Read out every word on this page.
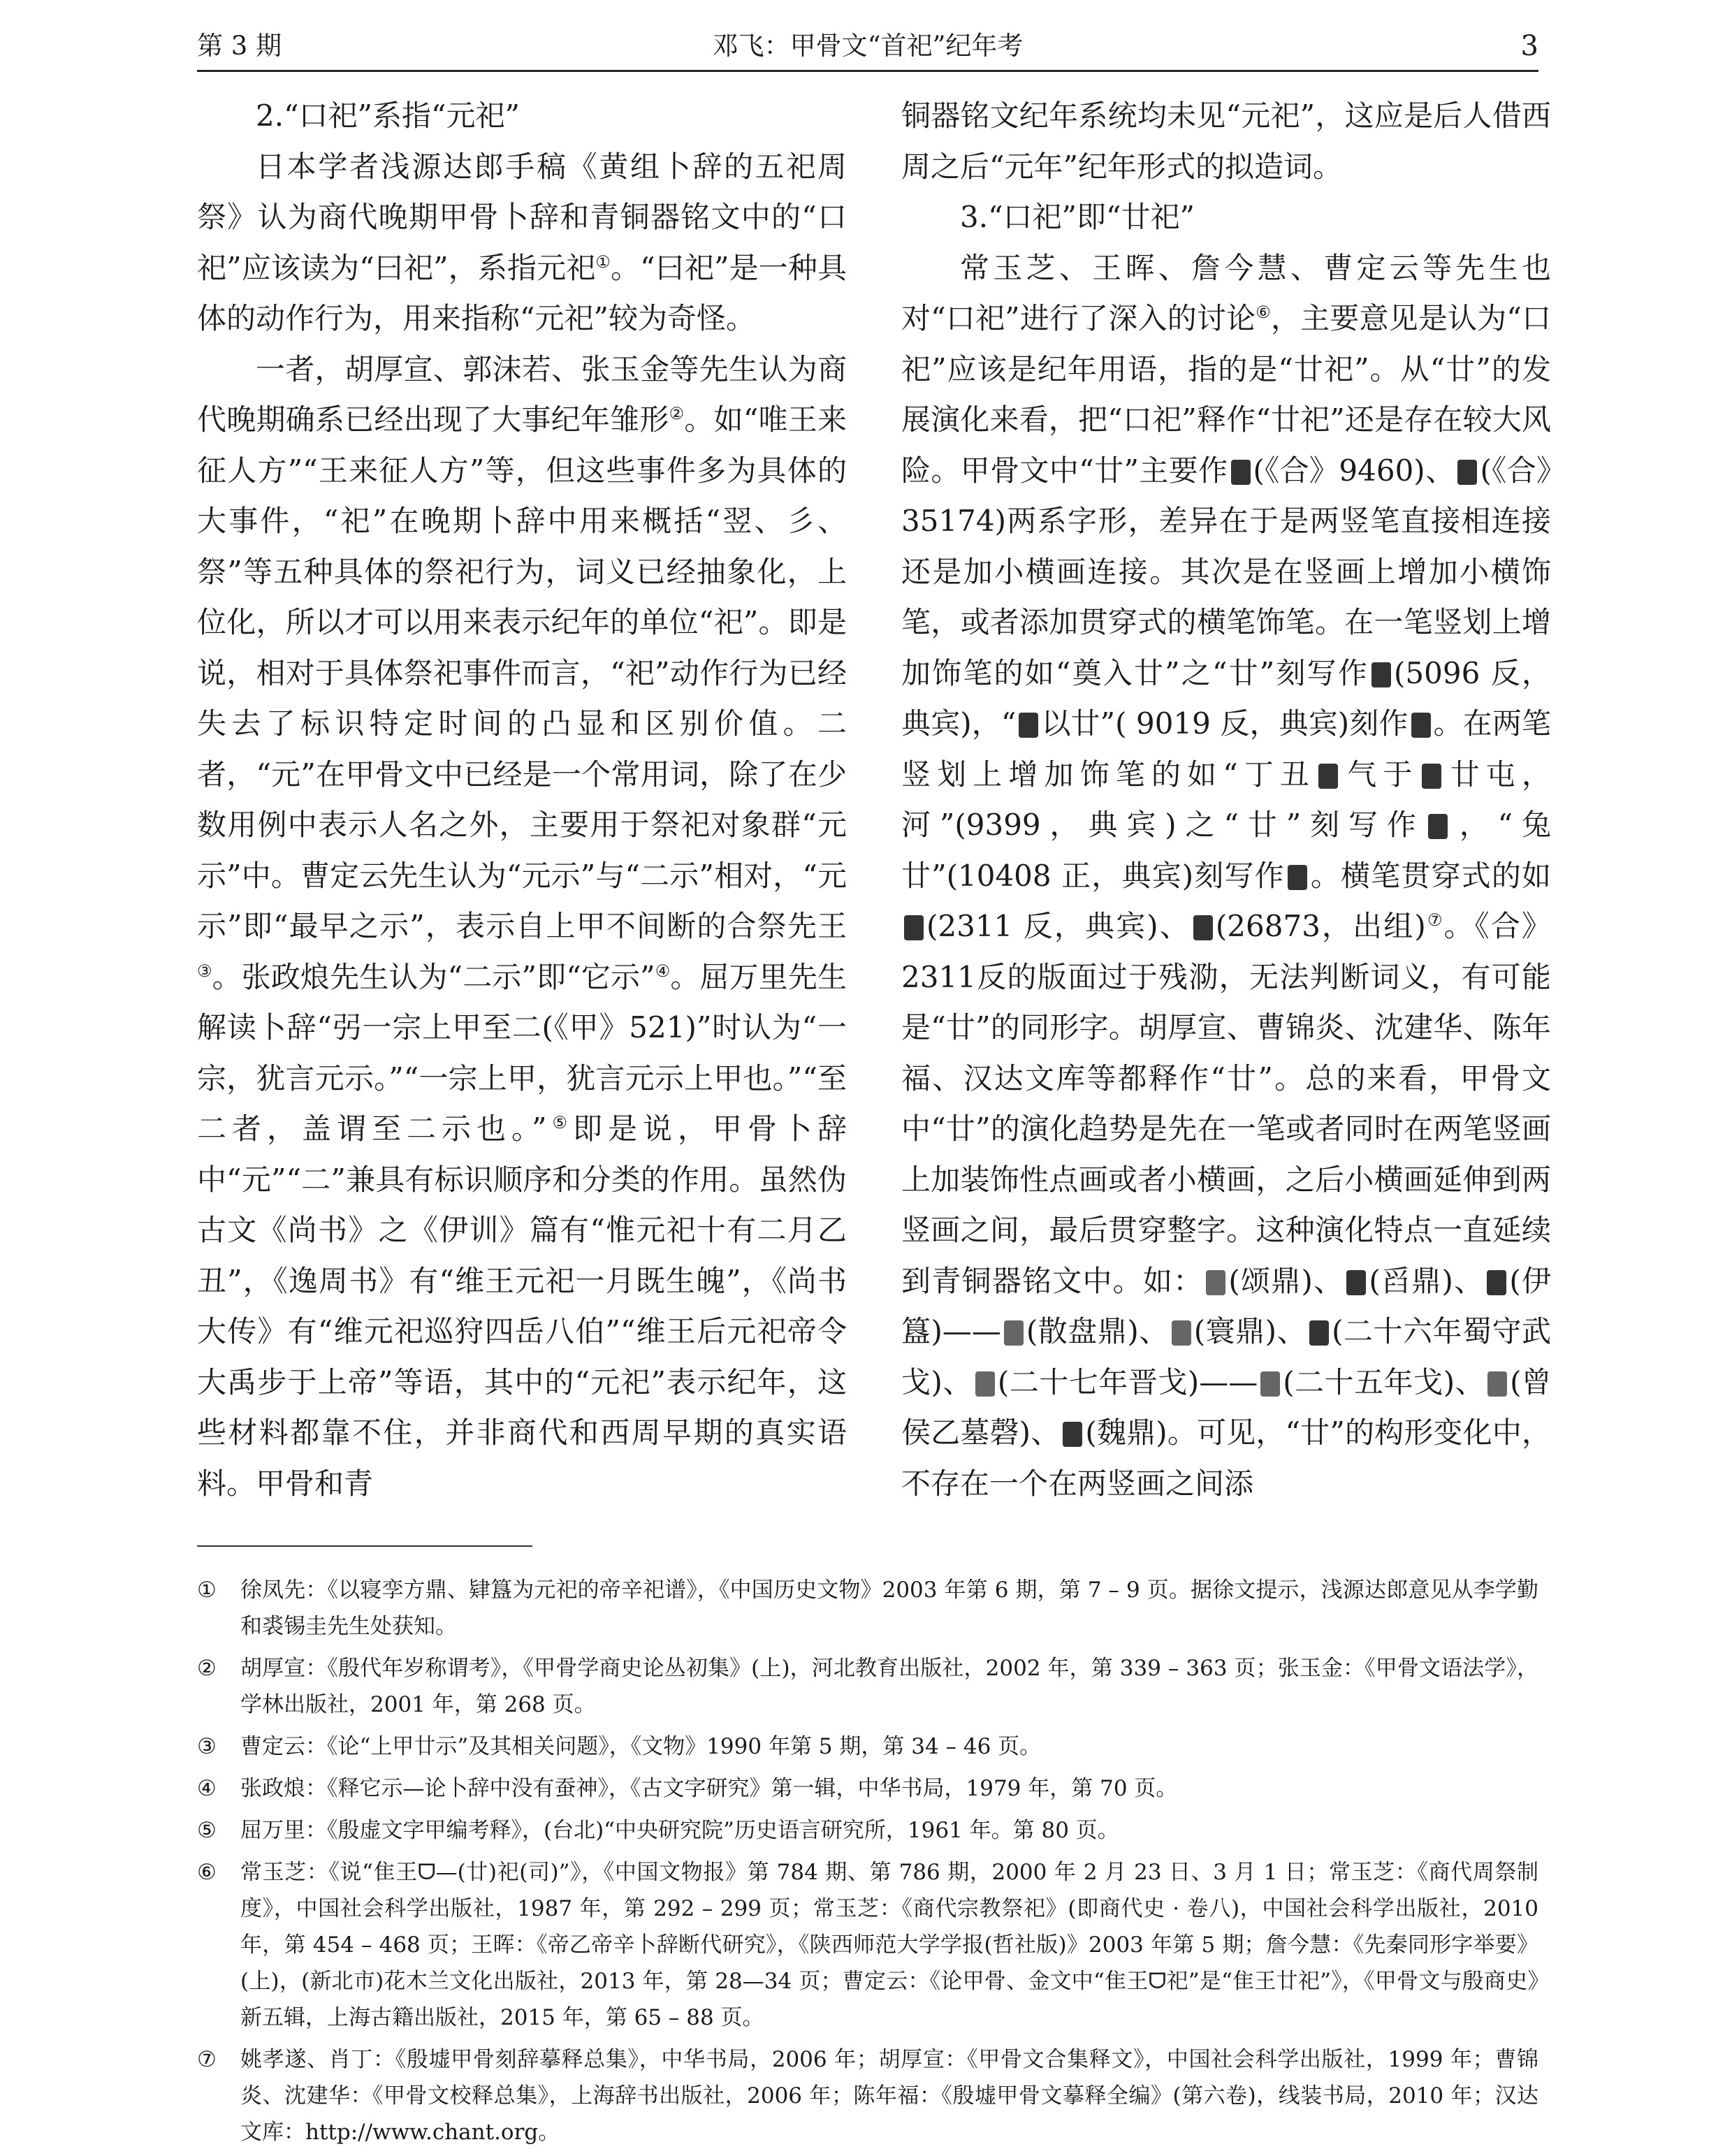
第 3 期	邓飞：甲骨文“首祀”纪年考	3

2.“口祀”系指“元祀”

日本学者浅源达郎手稿《黄组卜辞的五祀周祭》认为商代晚期甲骨卜辞和青铜器铭文中的“口祀”应该读为“曰祀”，系指元祀①。“曰祀”是一种具体的动作行为，用来指称“元祀”较为奇怪。

一者，胡厚宣、郭沫若、张玉金等先生认为商代晚期确系已经出现了大事纪年雏形②。如“唯王来征人方”“王来征人方”等，但这些事件多为具体的大事件，“祀”在晚期卜辞中用来概括“翌、彡、祭”等五种具体的祭祀行为，词义已经抽象化，上位化，所以才可以用来表示纪年的单位“祀”。即是说，相对于具体祭祀事件而言，“祀”动作行为已经失去了标识特定时间的凸显和区别价值。二者，“元”在甲骨文中已经是一个常用词，除了在少数用例中表示人名之外，主要用于祭祀对象群“元示”中。曹定云先生认为“元示”与“二示”相对，“元示”即“最早之示”，表示自上甲不间断的合祭先王③。张政烺先生认为“二示”即“它示”④。屈万里先生解读卜辞“弜一宗上甲至二(《甲》521)”时认为“一宗，犹言元示。”“一宗上甲，犹言元示上甲也。”“至二者，盖谓至二示也。”⑤即是说，甲骨卜辞中“元”“二”兼具有标识顺序和分类的作用。虽然伪古文《尚书》之《伊训》篇有“惟元祀十有二月乙丑”，《逸周书》有“维王元祀一月既生魄”，《尚书大传》有“维元祀巡狩四岳八伯”“维王后元祀帝令大禹步于上帝”等语，其中的“元祀”表示纪年，这些材料都靠不住，并非商代和西周早期的真实语料。甲骨和青

铜器铭文纪年系统均未见“元祀”，这应是后人借西周之后“元年”纪年形式的拟造词。

3.“口祀”即“廿祀”

常玉芝、王晖、詹今慧、曹定云等先生也对“口祀”进行了深入的讨论⑥，主要意见是认为“口祀”应该是纪年用语，指的是“廿祀”。从“廿”的发展演化来看，把“口祀”释作“廿祀”还是存在较大风险。甲骨文中“廿”主要作 (《合》9460)、 (《合》35174)两系字形，差异在于是两竖笔直接相连接还是加小横画连接。其次是在竖画上增加小横饰笔，或者添加贯穿式的横笔饰笔。在一笔竖划上增加饰笔的如“奠入廿”之“廿”刻写作 (5096 反，典宾)，“ 以廿”( 9019 反，典宾)刻作 。在两笔竖划上增加饰笔的如“丁丑 气于 廿屯，河”(9399，典宾)之“廿”刻写作 ，“兔廿”(10408 正，典宾)刻写作 。横笔贯穿式的如(2311 反，典宾)、 (26873，出组)⑦。《合》2311反的版面过于残泐，无法判断词义，有可能是“廿”的同形字。胡厚宣、曹锦炎、沈建华、陈年福、汉达文库等都释作“廿”。总的来看，甲骨文中“廿”的演化趋势是先在一笔或者同时在两笔竖画上加装饰性点画或者小横画，之后小横画延伸到两竖画之间，最后贯穿整字。这种演化特点一直延续到青铜器铭文中。如： (颂鼎)、 (舀鼎)、 (伊簋)—— (散盘鼎)、 (寰鼎)、 (二十六年蜀守武戈)、 (二十七年晋戈)—— (二十五年戈)、 (曾侯乙墓磬)、 (魏鼎)。可见，“廿”的构形变化中，不存在一个在两竖画之间添

① 徐凤先：《以寝孪方鼎、肄簋为元祀的帝辛祀谱》，《中国历史文物》2003 年第 6 期，第 7 – 9 页。据徐文提示，浅源达郎意见从李学勤和裘锡圭先生处获知。
② 胡厚宣：《殷代年岁称谓考》，《甲骨学商史论丛初集》(上)，河北教育出版社，2002 年，第 339 – 363 页；张玉金：《甲骨文语法学》，学林出版社，2001 年，第 268 页。
③ 曹定云：《论“上甲廿示”及其相关问题》，《文物》1990 年第 5 期，第 34 – 46 页。
④ 张政烺：《释它示—论卜辞中没有蚕神》，《古文字研究》第一辑，中华书局，1979 年，第 70 页。
⑤ 屈万里：《殷虚文字甲编考释》，(台北)“中央研究院”历史语言研究所，1961 年。第 80 页。
⑥ 常玉芝：《说“隹王ᗜ—(廿)祀(司)”》，《中国文物报》第 784 期、第 786 期，2000 年 2 月 23 日、3 月 1 日；常玉芝：《商代周祭制度》，中国社会科学出版社，1987 年，第 292 – 299 页；常玉芝：《商代宗教祭祀》(即商代史 · 卷八)，中国社会科学出版社，2010 年，第 454 – 468 页；王晖：《帝乙帝辛卜辞断代研究》，《陕西师范大学学报(哲社版)》2003 年第 5 期；詹今慧：《先秦同形字举要》(上)，(新北市)花木兰文化出版社，2013 年，第 28—34 页；曹定云：《论甲骨、金文中“隹王ᗜ祀”是“隹王廿祀”》，《甲骨文与殷商史》新五辑，上海古籍出版社，2015 年，第 65 – 88 页。
⑦ 姚孝遂、肖丁：《殷墟甲骨刻辞摹释总集》，中华书局，2006 年；胡厚宣：《甲骨文合集释文》，中国社会科学出版社，1999 年；曹锦炎、沈建华：《甲骨文校释总集》，上海辞书出版社，2006 年；陈年福：《殷墟甲骨文摹释全编》(第六卷)，线装书局，2010 年；汉达文库：http://www.chant.org。
